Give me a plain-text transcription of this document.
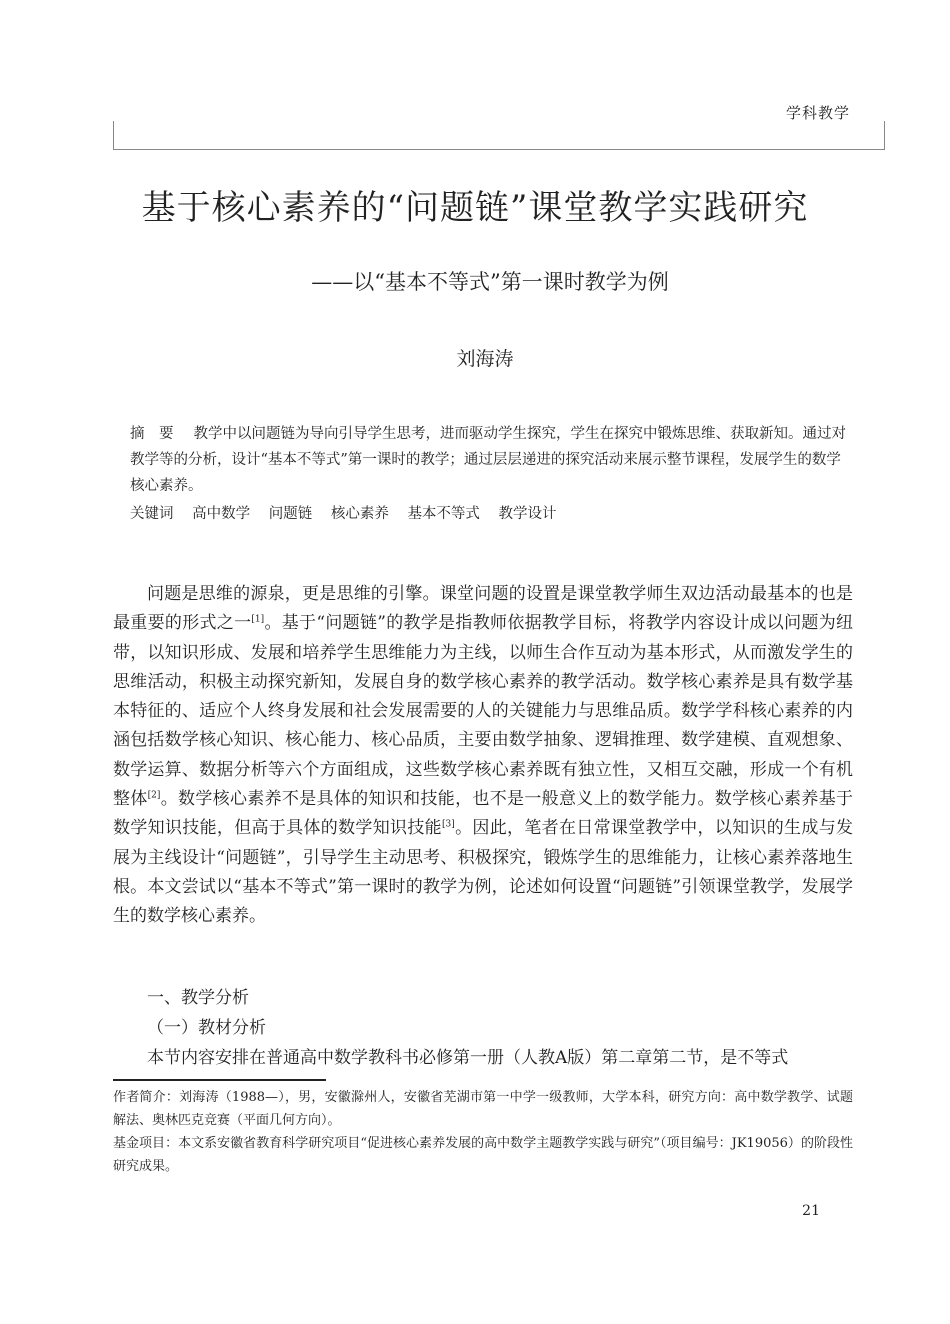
学科教学
基于核心素养的“问题链”课堂教学实践研究
——以“基本不等式”第一课时教学为例
刘海涛
摘　要 教学中以问题链为导向引导学生思考，进而驱动学生探究，学生在探究中锻炼思维、获取新知。通过对教学等的分析，设计“基本不等式”第一课时的教学；通过层层递进的探究活动来展示整节课程，发展学生的数学核心素养。
关键词 高中数学 问题链 核心素养 基本不等式 教学设计

问题是思维的源泉，更是思维的引擎。课堂问题的设置是课堂教学师生双边活动最基本的也是最重要的形式之一[1]。基于“问题链”的教学是指教师依据教学目标，将教学内容设计成以问题为纽带，以知识形成、发展和培养学生思维能力为主线，以师生合作互动为基本形式，从而激发学生的思维活动，积极主动探究新知，发展自身的数学核心素养的教学活动。数学核心素养是具有数学基本特征的、适应个人终身发展和社会发展需要的人的关键能力与思维品质。数学学科核心素养的内涵包括数学核心知识、核心能力、核心品质，主要由数学抽象、逻辑推理、数学建模、直观想象、数学运算、数据分析等六个方面组成，这些数学核心素养既有独立性，又相互交融，形成一个有机整体[2]。数学核心素养不是具体的知识和技能，也不是一般意义上的数学能力。数学核心素养基于数学知识技能，但高于具体的数学知识技能[3]。因此，笔者在日常课堂教学中，以知识的生成与发展为主线设计“问题链”，引导学生主动思考、积极探究，锻炼学生的思维能力，让核心素养落地生根。本文尝试以“基本不等式”第一课时的教学为例，论述如何设置“问题链”引领课堂教学，发展学生的数学核心素养。

一、教学分析
（一）教材分析
本节内容安排在普通高中数学教科书必修第一册（人教A版）第二章第二节，是不等式

作者简介：刘海涛（1988—），男，安徽滁州人，安徽省芜湖市第一中学一级教师，大学本科，研究方向：高中数学教学、试题解法、奥林匹克竞赛（平面几何方向）。

基金项目：本文系安徽省教育科学研究项目“促进核心素养发展的高中数学主题教学实践与研究”（项目编号：JK19056）的阶段性研究成果。

21
